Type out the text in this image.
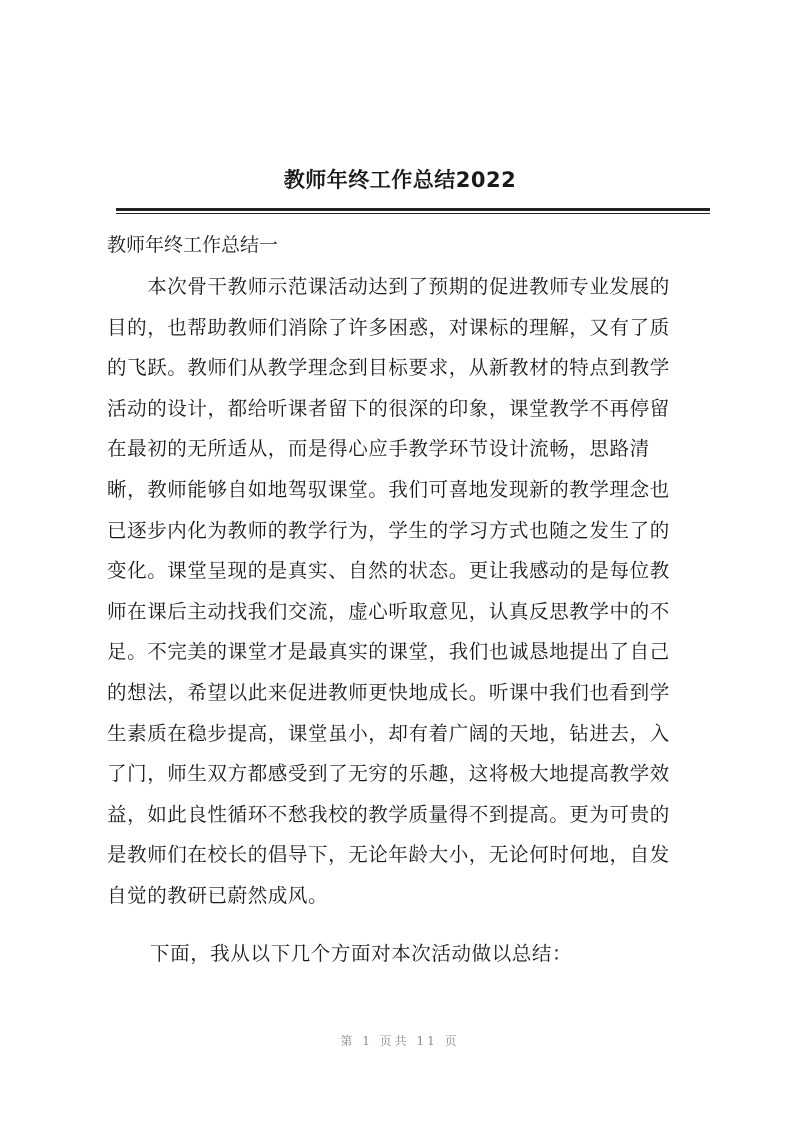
教师年终工作总结2022
教师年终工作总结一
　　本次骨干教师示范课活动达到了预期的促进教师专业发展的
目的，也帮助教师们消除了许多困惑，对课标的理解，又有了质
的飞跃。教师们从教学理念到目标要求，从新教材的特点到教学
活动的设计，都给听课者留下的很深的印象，课堂教学不再停留
在最初的无所适从，而是得心应手教学环节设计流畅，思路清
晰，教师能够自如地驾驭课堂。我们可喜地发现新的教学理念也
已逐步内化为教师的教学行为，学生的学习方式也随之发生了的
变化。课堂呈现的是真实、自然的状态。更让我感动的是每位教
师在课后主动找我们交流，虚心听取意见，认真反思教学中的不
足。不完美的课堂才是最真实的课堂，我们也诚恳地提出了自己
的想法，希望以此来促进教师更快地成长。听课中我们也看到学
生素质在稳步提高，课堂虽小，却有着广阔的天地，钻进去，入
了门，师生双方都感受到了无穷的乐趣，这将极大地提高教学效
益，如此良性循环不愁我校的教学质量得不到提高。更为可贵的
是教师们在校长的倡导下，无论年龄大小，无论何时何地，自发
自觉的教研已蔚然成风。
下面，我从以下几个方面对本次活动做以总结：
第 1 页共 11 页
